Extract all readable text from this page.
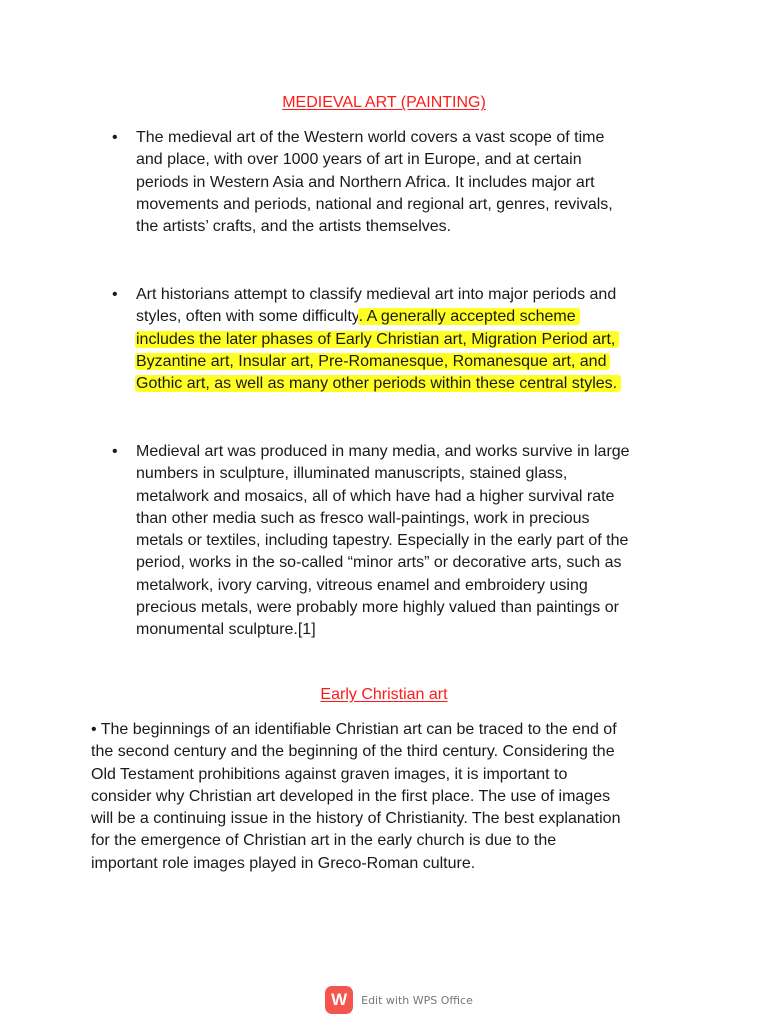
MEDIEVAL ART (PAINTING)
• The medieval art of the Western world covers a vast scope of time
and place, with over 1000 years of art in Europe, and at certain
periods in Western Asia and Northern Africa. It includes major art
movements and periods, national and regional art, genres, revivals,
the artists’ crafts, and the artists themselves.
• Art historians attempt to classify medieval art into major periods and
styles, often with some difficulty. A generally accepted scheme
includes the later phases of Early Christian art, Migration Period art,
Byzantine art, Insular art, Pre-Romanesque, Romanesque art, and
Gothic art, as well as many other periods within these central styles.
• Medieval art was produced in many media, and works survive in large
numbers in sculpture, illuminated manuscripts, stained glass,
metalwork and mosaics, all of which have had a higher survival rate
than other media such as fresco wall-paintings, work in precious
metals or textiles, including tapestry. Especially in the early part of the
period, works in the so-called “minor arts” or decorative arts, such as
metalwork, ivory carving, vitreous enamel and embroidery using
precious metals, were probably more highly valued than paintings or
monumental sculpture.[1]
Early Christian art
• The beginnings of an identifiable Christian art can be traced to the end of
the second century and the beginning of the third century. Considering the
Old Testament prohibitions against graven images, it is important to
consider why Christian art developed in the first place. The use of images
will be a continuing issue in the history of Christianity. The best explanation
for the emergence of Christian art in the early church is due to the
important role images played in Greco-Roman culture.
W	Edit with WPS Office
